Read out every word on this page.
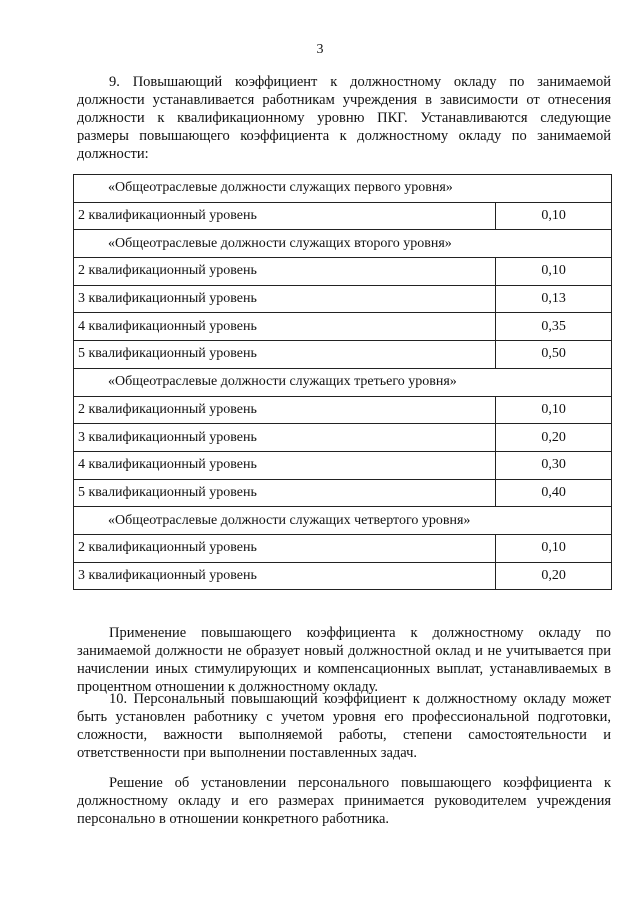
3

9. Повышающий коэффициент к должностному окладу по занимаемой должности устанавливается работникам учреждения в зависимости от отнесения должности к квалификационному уровню ПКГ. Устанавливаются следующие размеры повышающего коэффициента к должностному окладу по занимаемой должности:

«Общеотраслевые должности служащих первого уровня»	
2 квалификационный уровень	0,10
«Общеотраслевые должности служащих второго уровня»	
2 квалификационный уровень	0,10
3 квалификационный уровень	0,13
4 квалификационный уровень	0,35
5 квалификационный уровень	0,50
«Общеотраслевые должности служащих третьего уровня»	
2 квалификационный уровень	0,10
3 квалификационный уровень	0,20
4 квалификационный уровень	0,30
5 квалификационный уровень	0,40
«Общеотраслевые должности служащих четвертого уровня»	
2 квалификационный уровень	0,10
3 квалификационный уровень	0,20

Применение повышающего коэффициента к должностному окладу по занимаемой должности не образует новый должностной оклад и не учитывается при начислении иных стимулирующих и компенсационных выплат, устанавливаемых в процентном отношении к должностному окладу.

10. Персональный повышающий коэффициент к должностному окладу может быть установлен работнику с учетом уровня его профессиональной подготовки, сложности, важности выполняемой работы, степени самостоятельности и ответственности при выполнении поставленных задач.

Решение об установлении персонального повышающего коэффициента к должностному окладу и его размерах принимается руководителем учреждения персонально в отношении конкретного работника.
